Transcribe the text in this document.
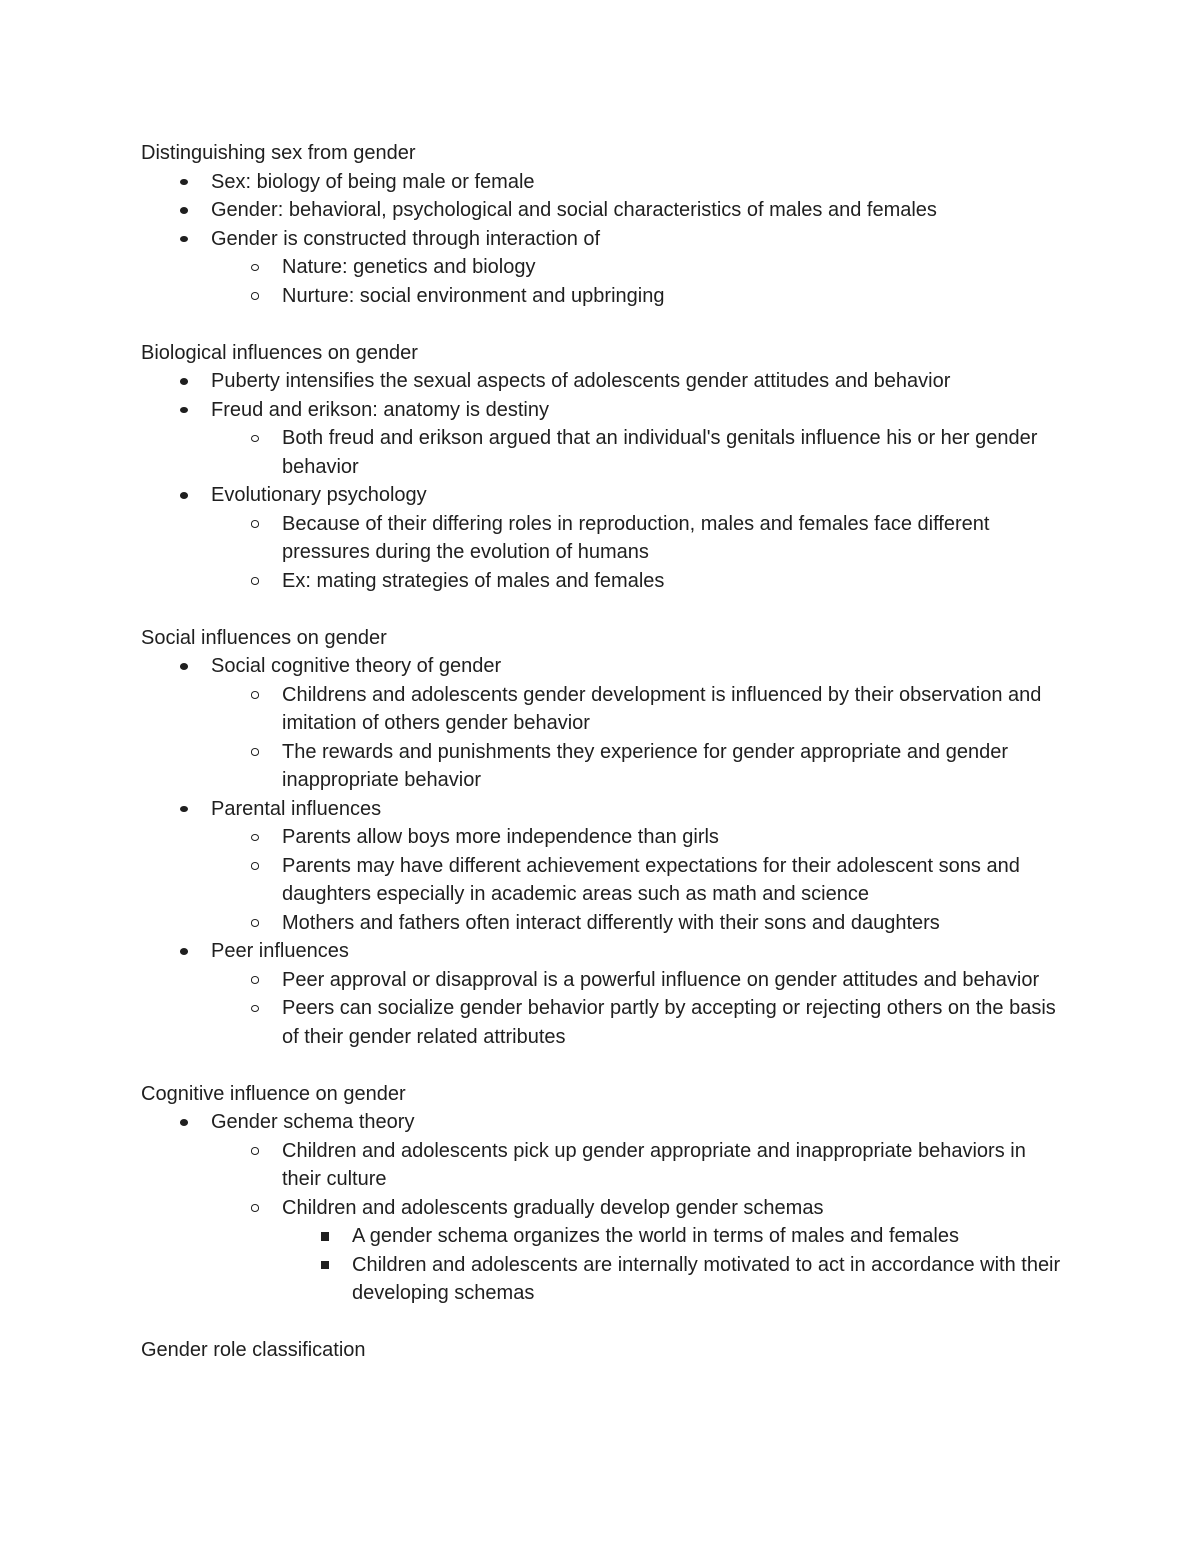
Distinguishing sex from gender
Sex: biology of being male or female
Gender: behavioral, psychological and social characteristics of males and females
Gender is constructed through interaction of
Nature: genetics and biology
Nurture: social environment and upbringing
Biological influences on gender
Puberty intensifies the sexual aspects of adolescents gender attitudes and behavior
Freud and erikson: anatomy is destiny
Both freud and erikson argued that an individual's genitals influence his or her gender behavior
Evolutionary psychology
Because of their differing roles in reproduction, males and females face different pressures during the evolution of humans
Ex: mating strategies of males and females
Social influences on gender
Social cognitive theory of gender
Childrens and adolescents gender development is influenced by their observation and imitation of others gender behavior
The rewards and punishments they experience for gender appropriate and gender inappropriate behavior
Parental influences
Parents allow boys more independence than girls
Parents may have different achievement expectations for their adolescent sons and daughters especially in academic areas such as math and science
Mothers and fathers often interact differently with their sons and daughters
Peer influences
Peer approval or disapproval is a powerful influence on gender attitudes and behavior
Peers can socialize gender behavior partly by accepting or rejecting others on the basis of their gender related attributes
Cognitive influence on gender
Gender schema theory
Children and adolescents pick up gender appropriate and inappropriate behaviors in their culture
Children and adolescents gradually develop gender schemas
A gender schema organizes the world in terms of males and females
Children and adolescents are internally motivated to act in accordance with their developing schemas
Gender role classification
